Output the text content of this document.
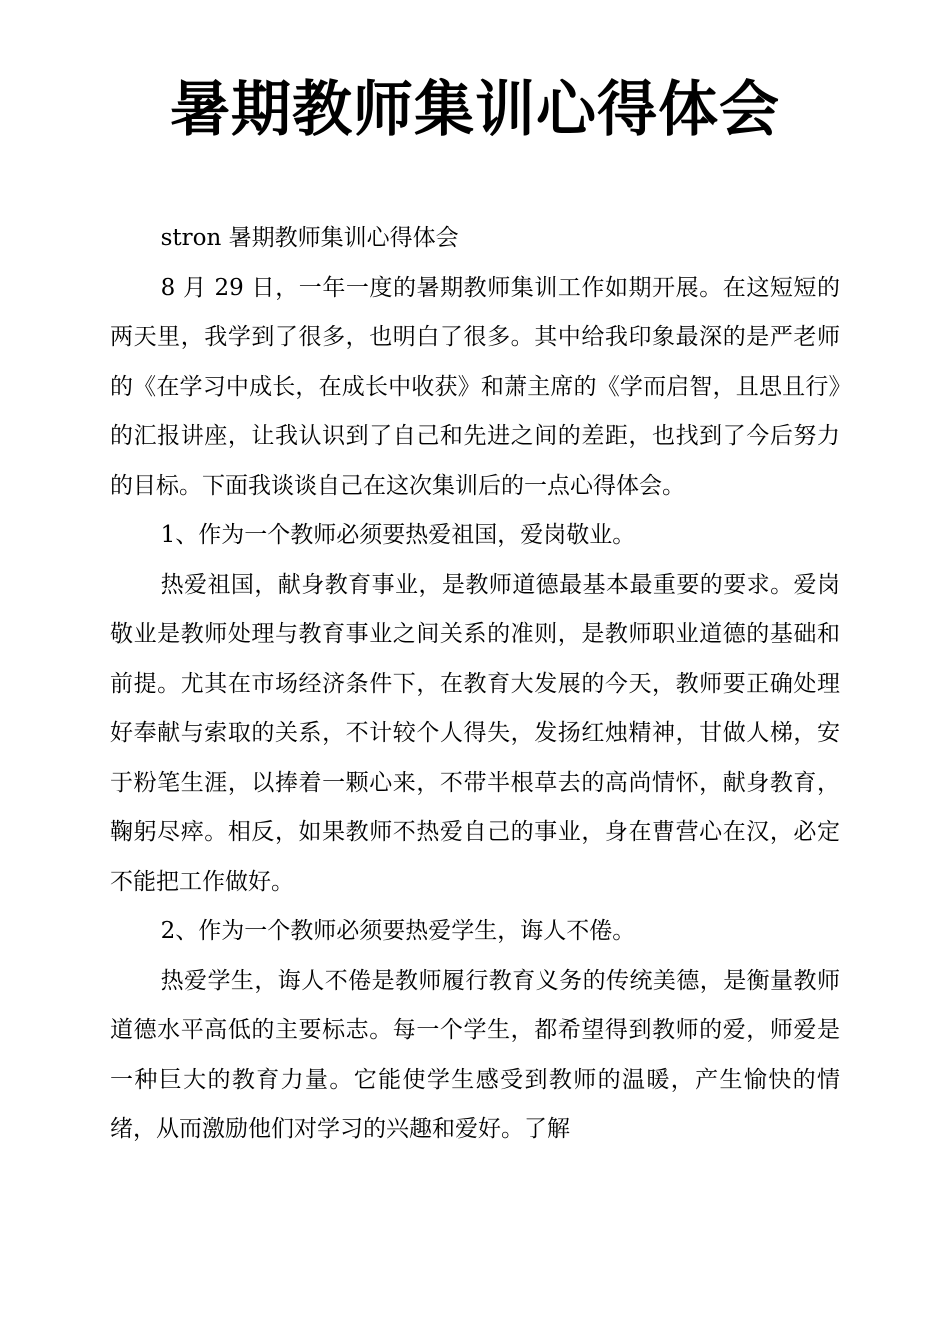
暑期教师集训心得体会

stron 暑期教师集训心得体会

8 月 29 日，一年一度的暑期教师集训工作如期开展。在这短短的两天里，我学到了很多，也明白了很多。其中给我印象最深的是严老师的《在学习中成长，在成长中收获》和萧主席的《学而启智，且思且行》的汇报讲座，让我认识到了自己和先进之间的差距，也找到了今后努力的目标。下面我谈谈自己在这次集训后的一点心得体会。

1、作为一个教师必须要热爱祖国，爱岗敬业。

热爱祖国，献身教育事业，是教师道德最基本最重要的要求。爱岗敬业是教师处理与教育事业之间关系的准则，是教师职业道德的基础和前提。尤其在市场经济条件下，在教育大发展的今天，教师要正确处理好奉献与索取的关系，不计较个人得失，发扬红烛精神，甘做人梯，安于粉笔生涯，以捧着一颗心来，不带半根草去的高尚情怀，献身教育，鞠躬尽瘁。相反，如果教师不热爱自己的事业，身在曹营心在汉，必定不能把工作做好。

2、作为一个教师必须要热爱学生，诲人不倦。

热爱学生，诲人不倦是教师履行教育义务的传统美德，是衡量教师道德水平高低的主要标志。每一个学生，都希望得到教师的爱，师爱是一种巨大的教育力量。它能使学生感受到教师的温暖，产生愉快的情绪，从而激励他们对学习的兴趣和爱好。了解
